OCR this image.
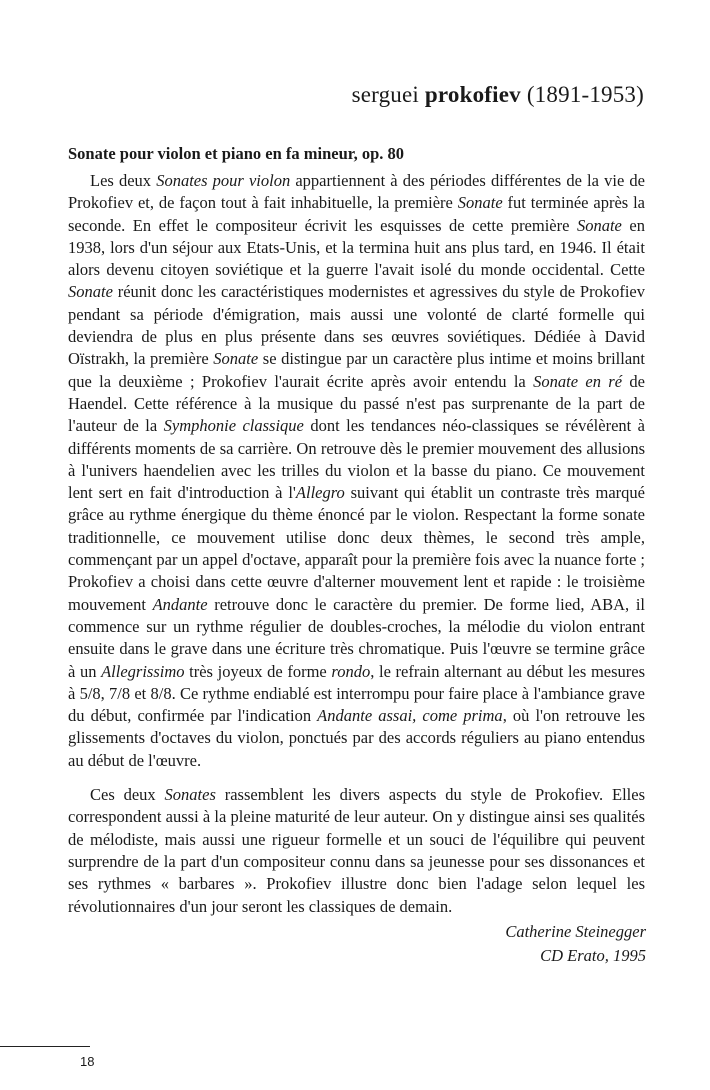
serguei prokofiev (1891-1953)
Sonate pour violon et piano en fa mineur, op. 80

Les deux Sonates pour violon appartiennent à des périodes différentes de la vie de Prokofiev et, de façon tout à fait inhabituelle, la première Sonate fut terminée après la seconde. En effet le compositeur écrivit les esquisses de cette première Sonate en 1938, lors d'un séjour aux Etats-Unis, et la termina huit ans plus tard, en 1946. Il était alors devenu citoyen soviétique et la guerre l'avait isolé du monde occidental. Cette Sonate réunit donc les caractéristiques modernistes et agressives du style de Prokofiev pendant sa période d'émigration, mais aussi une volonté de clarté formelle qui deviendra de plus en plus présente dans ses œuvres soviétiques. Dédiée à David Oïstrakh, la première Sonate se distingue par un caractère plus intime et moins brillant que la deuxième ; Prokofiev l'aurait écrite après avoir entendu la Sonate en ré de Haendel. Cette référence à la musique du passé n'est pas surprenante de la part de l'auteur de la Symphonie classique dont les tendances néo-classiques se révélèrent à différents moments de sa carrière. On retrouve dès le premier mouvement des allusions à l'univers haendelien avec les trilles du violon et la basse du piano. Ce mouvement lent sert en fait d'introduction à l'Allegro suivant qui établit un contraste très marqué grâce au rythme énergique du thème énoncé par le violon. Respectant la forme sonate traditionnelle, ce mouvement utilise donc deux thèmes, le second très ample, commençant par un appel d'octave, apparaît pour la première fois avec la nuance forte ; Prokofiev a choisi dans cette œuvre d'alterner mouvement lent et rapide : le troisième mouvement Andante retrouve donc le caractère du premier. De forme lied, ABA, il commence sur un rythme régulier de doubles-croches, la mélodie du violon entrant ensuite dans le grave dans une écriture très chromatique. Puis l'œuvre se termine grâce à un Allegrissimo très joyeux de forme rondo, le refrain alternant au début les mesures à 5/8, 7/8 et 8/8. Ce rythme endiablé est interrompu pour faire place à l'ambiance grave du début, confirmée par l'indication Andante assai, come prima, où l'on retrouve les glissements d'octaves du violon, ponctués par des accords réguliers au piano entendus au début de l'œuvre.

Ces deux Sonates rassemblent les divers aspects du style de Prokofiev. Elles correspondent aussi à la pleine maturité de leur auteur. On y distingue ainsi ses qualités de mélodiste, mais aussi une rigueur formelle et un souci de l'équilibre qui peuvent surprendre de la part d'un compositeur connu dans sa jeunesse pour ses dissonances et ses rythmes « barbares ». Prokofiev illustre donc bien l'adage selon lequel les révolutionnaires d'un jour seront les classiques de demain.

Catherine Steinegger
CD Erato, 1995
18
